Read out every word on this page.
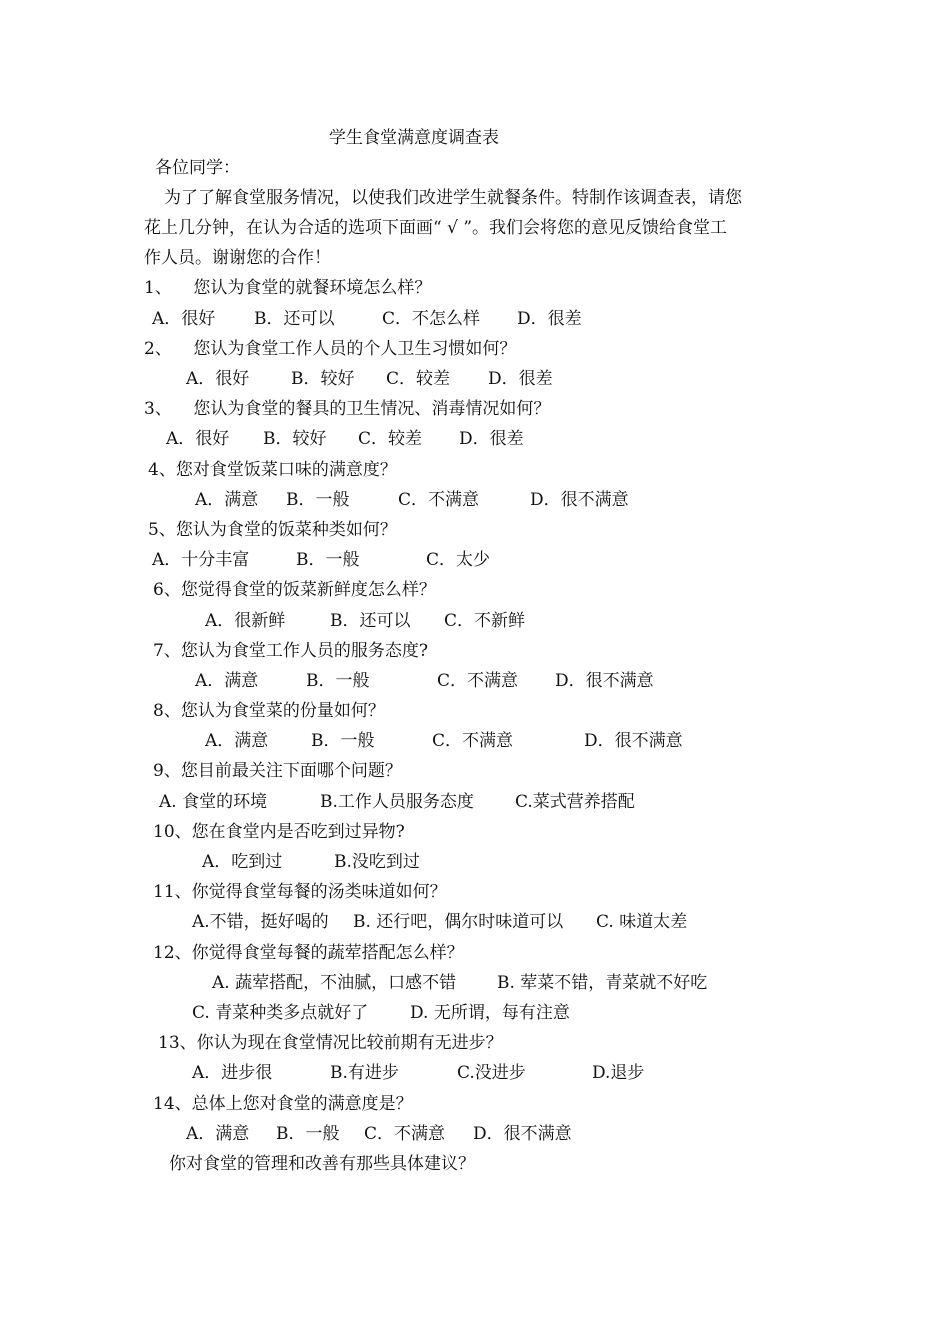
学生食堂满意度调查表
各位同学：
为了了解食堂服务情况，以使我们改进学生就餐条件。特制作该调查表，请您
花上几分钟，在认为合适的选项下面画“ √ ”。我们会将您的意见反馈给食堂工
作人员。谢谢您的合作！
1、    您认为食堂的就餐环境怎么样？
A．很好 B．还可以	C．不怎么样 D．很差
2、    您认为食堂工作人员的个人卫生习惯如何？
A．很好 B．较好 C．较差 D．很差
3、    您认为食堂的餐具的卫生情况、消毒情况如何？
A．很好 B．较好 C．较差 D．很差
4、您对食堂饭菜口味的满意度？
A．满意 B．一般	C．不满意	D．很不满意
5、您认为食堂的饭菜种类如何？
A．十分丰富	B．一般	C．太少
6、您觉得食堂的饭菜新鲜度怎么样？
A．很新鲜	B．还可以 C．不新鲜
7、您认为食堂工作人员的服务态度?
A．满意	B．一般	C．不满意 D．很不满意
8、您认为食堂菜的份量如何？
A．满意	B．一般	C．不满意	D．很不满意
9、您目前最关注下面哪个问题？
A. 食堂的环境	B.工作人员服务态度 C.菜式营养搭配
10、您在食堂内是否吃到过异物?
A．吃到过	B.没吃到过
11、你觉得食堂每餐的汤类味道如何？
A.不错，挺好喝的 B. 还行吧，偶尔时味道可以 C. 味道太差
12、你觉得食堂每餐的蔬荤搭配怎么样？
A. 蔬荤搭配，不油腻，口感不错 B. 荤菜不错，青菜就不好吃
C. 青菜种类多点就好了 D. 无所谓，每有注意
13、你认为现在食堂情况比较前期有无进步？
A．进步很	B.有进步	C.没进步	D.退步
14、总体上您对食堂的满意度是？
A．满意 B．一般 C．不满意 D．很不满意
你对食堂的管理和改善有那些具体建议？
